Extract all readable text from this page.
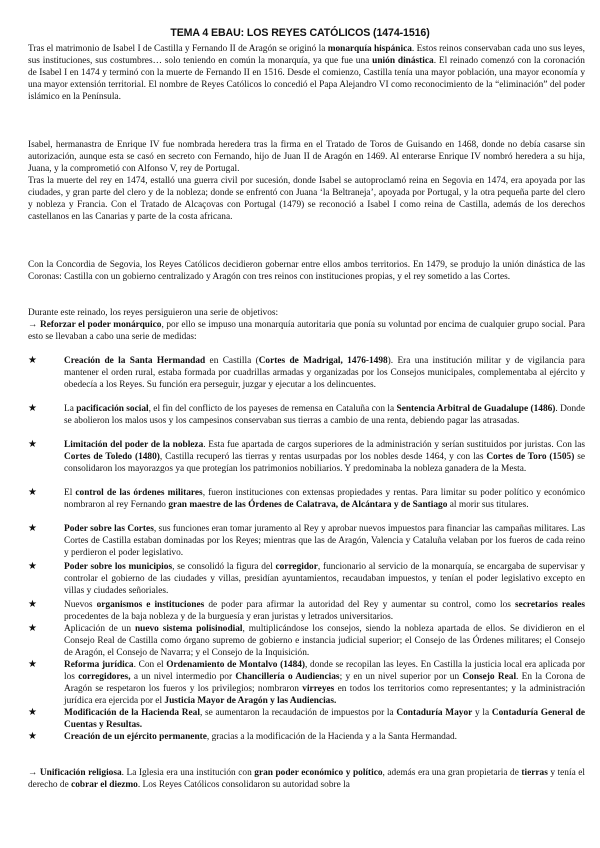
TEMA 4 EBAU: LOS REYES CATÓLICOS (1474-1516)

Tras el matrimonio de Isabel I de Castilla y Fernando II de Aragón se originó la monarquía hispánica. Estos reinos conservaban cada uno sus leyes, sus instituciones, sus costumbres… solo teniendo en común la monarquía, ya que fue una unión dinástica. El reinado comenzó con la coronación de Isabel I en 1474 y terminó con la muerte de Fernando II en 1516. Desde el comienzo, Castilla tenía una mayor población, una mayor economía y una mayor extensión territorial. El nombre de Reyes Católicos lo concedió el Papa Alejandro VI como reconocimiento de la “eliminación” del poder islámico en la Península.

Isabel, hermanastra de Enrique IV fue nombrada heredera tras la firma en el Tratado de Toros de Guisando en 1468, donde no debía casarse sin autorización, aunque esta se casó en secreto con Fernando, hijo de Juan II de Aragón en 1469. Al enterarse Enrique IV nombró heredera a su hija, Juana, y la comprometió con Alfonso V, rey de Portugal.

Tras la muerte del rey en 1474, estalló una guerra civil por sucesión, donde Isabel se autoproclamó reina en Segovia en 1474, era apoyada por las ciudades, y gran parte del clero y de la nobleza; donde se enfrentó con Juana ‘la Beltraneja’, apoyada por Portugal, y la otra pequeña parte del clero y nobleza y Francia. Con el Tratado de Alcaçovas con Portugal (1479) se reconoció a Isabel I como reina de Castilla, además de los derechos castellanos en las Canarias y parte de la costa africana.

Con la Concordia de Segovia, los Reyes Católicos decidieron gobernar entre ellos ambos territorios. En 1479, se produjo la unión dinástica de las Coronas: Castilla con un gobierno centralizado y Aragón con tres reinos con instituciones propias, y el rey sometido a las Cortes.

Durante este reinado, los reyes persiguieron una serie de objetivos:

→ Reforzar el poder monárquico, por ello se impuso una monarquía autoritaria que ponía su voluntad por encima de cualquier grupo social. Para esto se llevaban a cabo una serie de medidas:

★	Creación de la Santa Hermandad en Castilla (Cortes de Madrigal, 1476-1498). Era una institución militar y de vigilancia para mantener el orden rural, estaba formada por cuadrillas armadas y organizadas por los Consejos municipales, complementaba al ejército y obedecía a los Reyes. Su función era perseguir, juzgar y ejecutar a los delincuentes.
★	La pacificación social, el fin del conflicto de los payeses de remensa en Cataluña con la Sentencia Arbitral de Guadalupe (1486). Donde se abolieron los malos usos y los campesinos conservaban sus tierras a cambio de una renta, debiendo pagar las atrasadas.
★	Limitación del poder de la nobleza. Esta fue apartada de cargos superiores de la administración y serían sustituidos por juristas. Con las Cortes de Toledo (1480), Castilla recuperó las tierras y rentas usurpadas por los nobles desde 1464, y con las Cortes de Toro (1505) se consolidaron los mayorazgos ya que protegían los patrimonios nobiliarios. Y predominaba la nobleza ganadera de la Mesta.
★	El control de las órdenes militares, fueron instituciones con extensas propiedades y rentas. Para limitar su poder político y económico nombraron al rey Fernando gran maestre de las Órdenes de Calatrava, de Alcántara y de Santiago al morir sus titulares.
★	Poder sobre las Cortes, sus funciones eran tomar juramento al Rey y aprobar nuevos impuestos para financiar las campañas militares. Las Cortes de Castilla estaban dominadas por los Reyes; mientras que las de Aragón, Valencia y Cataluña velaban por los fueros de cada reino y perdieron el poder legislativo.
★	Poder sobre los municipios, se consolidó la figura del corregidor, funcionario al servicio de la monarquía, se encargaba de supervisar y controlar el gobierno de las ciudades y villas, presidían ayuntamientos, recaudaban impuestos, y tenían el poder legislativo excepto en villas y ciudades señoriales.
★	Nuevos organismos e instituciones de poder para afirmar la autoridad del Rey y aumentar su control, como los secretarios reales procedentes de la baja nobleza y de la burguesía y eran juristas y letrados universitarios.
★	Aplicación de un nuevo sistema polisinodial, multiplicándose los consejos, siendo la nobleza apartada de ellos. Se dividieron en el Consejo Real de Castilla como órgano supremo de gobierno e instancia judicial superior; el Consejo de las Órdenes militares; el Consejo de Aragón, el Consejo de Navarra; y el Consejo de la Inquisición.
★	Reforma jurídica. Con el Ordenamiento de Montalvo (1484), donde se recopilan las leyes. En Castilla la justicia local era aplicada por los corregidores, a un nivel intermedio por Chancillería o Audiencias; y en un nivel superior por un Consejo Real. En la Corona de Aragón se respetaron los fueros y los privilegios; nombraron virreyes en todos los territorios como representantes; y la administración jurídica era ejercida por el Justicia Mayor de Aragón y las Audiencias.
★	Modificación de la Hacienda Real, se aumentaron la recaudación de impuestos por la Contaduría Mayor y la Contaduría General de Cuentas y Resultas.
★	Creación de un ejército permanente, gracias a la modificación de la Hacienda y a la Santa Hermandad.

→ Unificación religiosa. La Iglesia era una institución con gran poder económico y político, además era una gran propietaria de tierras y tenía el derecho de cobrar el diezmo. Los Reyes Católicos consolidaron su autoridad sobre la
